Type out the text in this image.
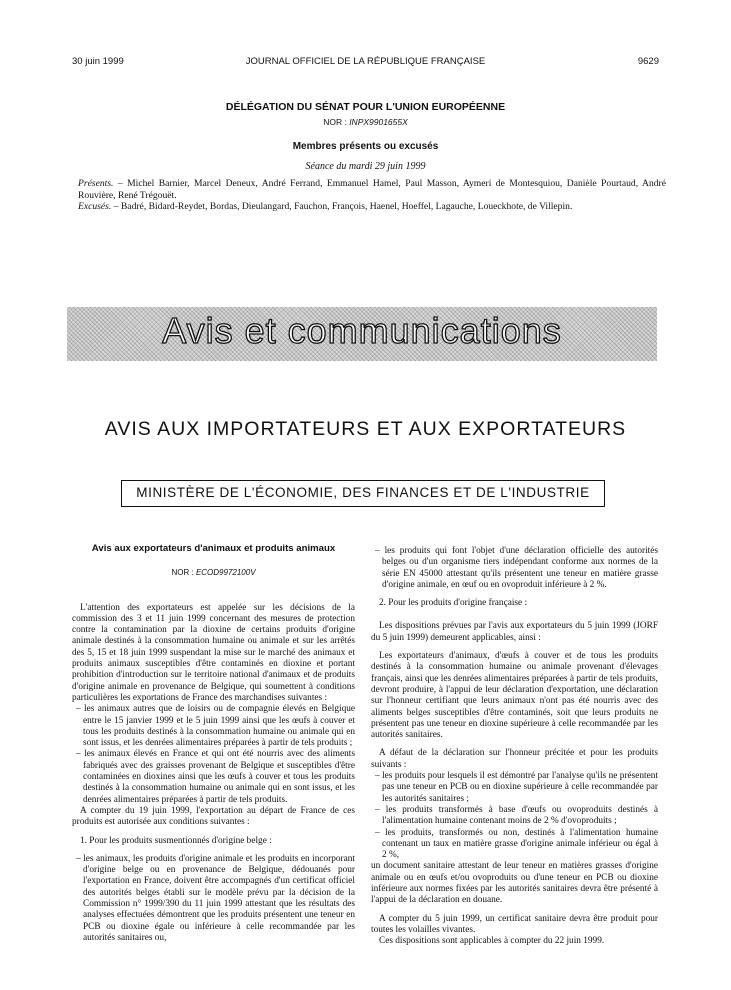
30 juin 1999	JOURNAL OFFICIEL DE LA RÉPUBLIQUE FRANÇAISE	9629
DÉLÉGATION DU SÉNAT POUR L'UNION EUROPÉENNE
NOR : INPX9901655X
Membres présents ou excusés
Séance du mardi 29 juin 1999

Présents. – Michel Barnier, Marcel Deneux, André Ferrand, Emmanuel Hamel, Paul Masson, Aymeri de Montesquiou, Danièle Pourtaud, André Rouvière, René Trégouët.

Excusés. – Badré, Bidard-Reydet, Bordas, Dieulangard, Fauchon, François, Haenel, Hoeffel, Lagauche, Loueckhote, de Villepin.

Avis et communications
AVIS AUX IMPORTATEURS ET AUX EXPORTATEURS
MINISTÈRE DE L'ÉCONOMIE, DES FINANCES ET DE L'INDUSTRIE

Avis aux exportateurs d'animaux et produits animaux

NOR : ECOD9972100V

L'attention des exportateurs est appelée sur les décisions de la commission des 3 et 11 juin 1999 concernant des mesures de protection contre la contamination par la dioxine de certains produits d'origine animale destinés à la consommation humaine ou animale et sur les arrêtés des 5, 15 et 18 juin 1999 suspendant la mise sur le marché des animaux et produits animaux susceptibles d'être contaminés en dioxine et portant prohibition d'introduction sur le territoire national d'animaux et de produits d'origine animale en provenance de Belgique, qui soumettent à conditions particulières les exportations de France des marchandises suivantes :

– les animaux autres que de loisirs ou de compagnie élevés en Belgique entre le 15 janvier 1999 et le 5 juin 1999 ainsi que les œufs à couver et tous les produits destinés à la consommation humaine ou animale qui en sont issus, et les denrées alimentaires préparées à partir de tels produits ;

– les animaux élevés en France et qui ont été nourris avec des aliments fabriqués avec des graisses provenant de Belgique et susceptibles d'être contaminées en dioxines ainsi que les œufs à couver et tous les produits destinés à la consommation humaine ou animale qui en sont issus, et les denrées alimentaires préparées à partir de tels produits.

A compter du 19 juin 1999, l'exportation au départ de France de ces produits est autorisée aux conditions suivantes :

1. Pour les produits susmentionnés d'origine belge :

– les animaux, les produits d'origine animale et les produits en incorporant d'origine belge ou en provenance de Belgique, dédouanés pour l'exportation en France, doivent être accompagnés d'un certificat officiel des autorités belges établi sur le modèle prévu par la décision de la Commission n° 1999/390 du 11 juin 1999 attestant que les résultats des analyses effectuées démontrent que les produits présentent une teneur en PCB ou dioxine égale ou inférieure à celle recommandée par les autorités sanitaires ou,

– les produits qui font l'objet d'une déclaration officielle des autorités belges ou d'un organisme tiers indépendant conforme aux normes de la série EN 45000 attestant qu'ils présentent une teneur en matière grasse d'origine animale, en œuf ou en ovoproduit inférieure à 2 %.

2. Pour les produits d'origine française :

Les dispositions prévues par l'avis aux exportateurs du 5 juin 1999 (JORF du 5 juin 1999) demeurent applicables, ainsi :

Les exportateurs d'animaux, d'œufs à couver et de tous les produits destinés à la consommation humaine ou animale provenant d'élevages français, ainsi que les denrées alimentaires préparées à partir de tels produits, devront produire, à l'appui de leur déclaration d'exportation, une déclaration sur l'honneur certifiant que leurs animaux n'ont pas été nourris avec des aliments belges susceptibles d'être contaminés, soit que leurs produits ne présentent pas une teneur en dioxine supérieure à celle recommandée par les autorités sanitaires.

A défaut de la déclaration sur l'honneur précitée et pour les produits suivants :

– les produits pour lesquels il est démontré par l'analyse qu'ils ne présentent pas une teneur en PCB ou en dioxine supérieure à celle recommandée par les autorités sanitaires ;

– les produits transformés à base d'œufs ou ovoproduits destinés à l'alimentation humaine contenant moins de 2 % d'ovoproduits ;

– les produits, transformés ou non, destinés à l'alimentation humaine contenant un taux en matière grasse d'origine animale inférieur ou égal à 2 %,

un document sanitaire attestant de leur teneur en matières grasses d'origine animale ou en œufs et/ou ovoproduits ou d'une teneur en PCB ou dioxine inférieure aux normes fixées par les autorités sanitaires devra être présenté à l'appui de la déclaration en douane.

A compter du 5 juin 1999, un certificat sanitaire devra être produit pour toutes les volailles vivantes.

Ces dispositions sont applicables à compter du 22 juin 1999.
